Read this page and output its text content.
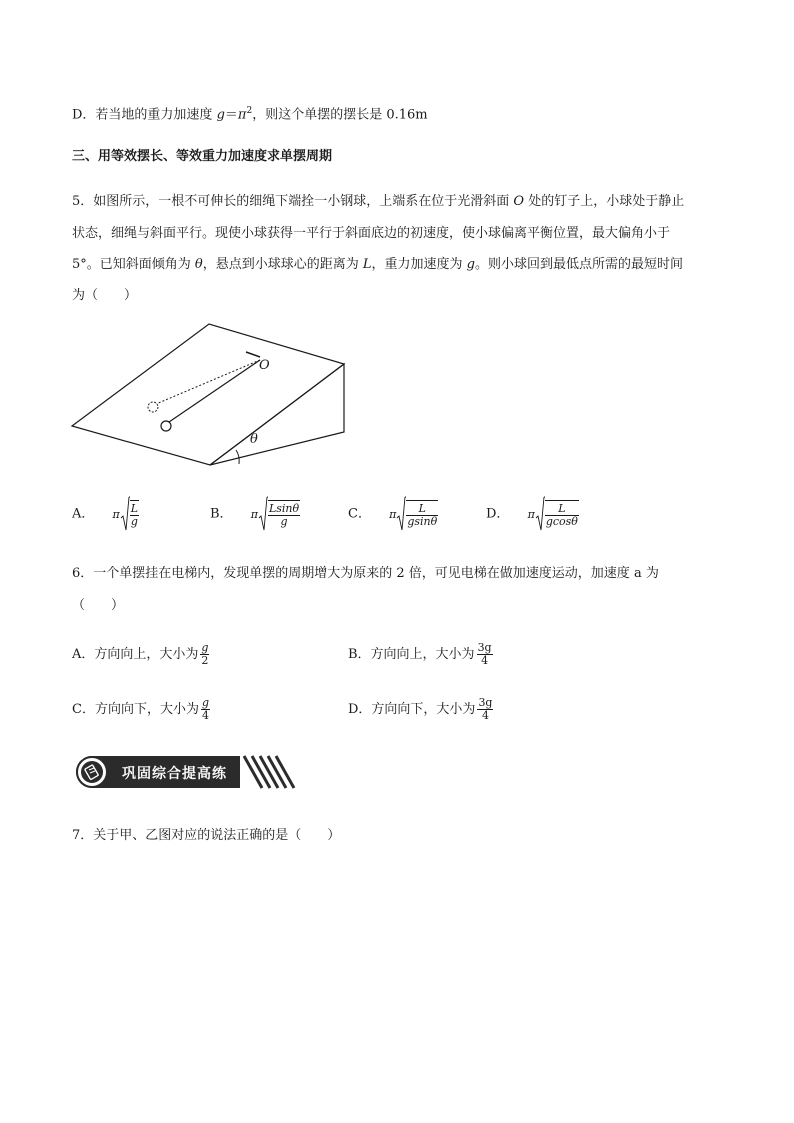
D．若当地的重力加速度 $g=\pi^2$，则这个单摆的摆长是 0.16m
三、用等效摆长、等效重力加速度求单摆周期
5．如图所示，一根不可伸长的细绳下端拴一小钢球，上端系在位于光滑斜面 O 处的钉子上，小球处于静止
状态，细绳与斜面平行。现使小球获得一平行于斜面底边的初速度，使小球偏离平衡位置，最大偏角小于
5°。已知斜面倾角为 θ，悬点到小球球心的距离为 L，重力加速度为 g。则小球回到最低点所需的最短时间
为（　　）
O
θ
A． π $\frac{L}{g}$	B． π $\frac{Lsin\theta}{g}$	C． π $\frac{L}{gsin\theta}$	D． π $\frac{L}{gcos\theta}$
6．一个单摆挂在电梯内，发现单摆的周期增大为原来的 2 倍，可见电梯在做加速度运动，加速度 a 为
（　　）
A．方向向上，大小为 $\frac{g}{2}$	B．方向向上，大小为 $\frac{3g}{4}$
C．方向向下，大小为 $\frac{g}{4}$	D．方向向下，大小为 $\frac{3g}{4}$
巩固综合提高练
7．关于甲、乙图对应的说法正确的是（　　）
